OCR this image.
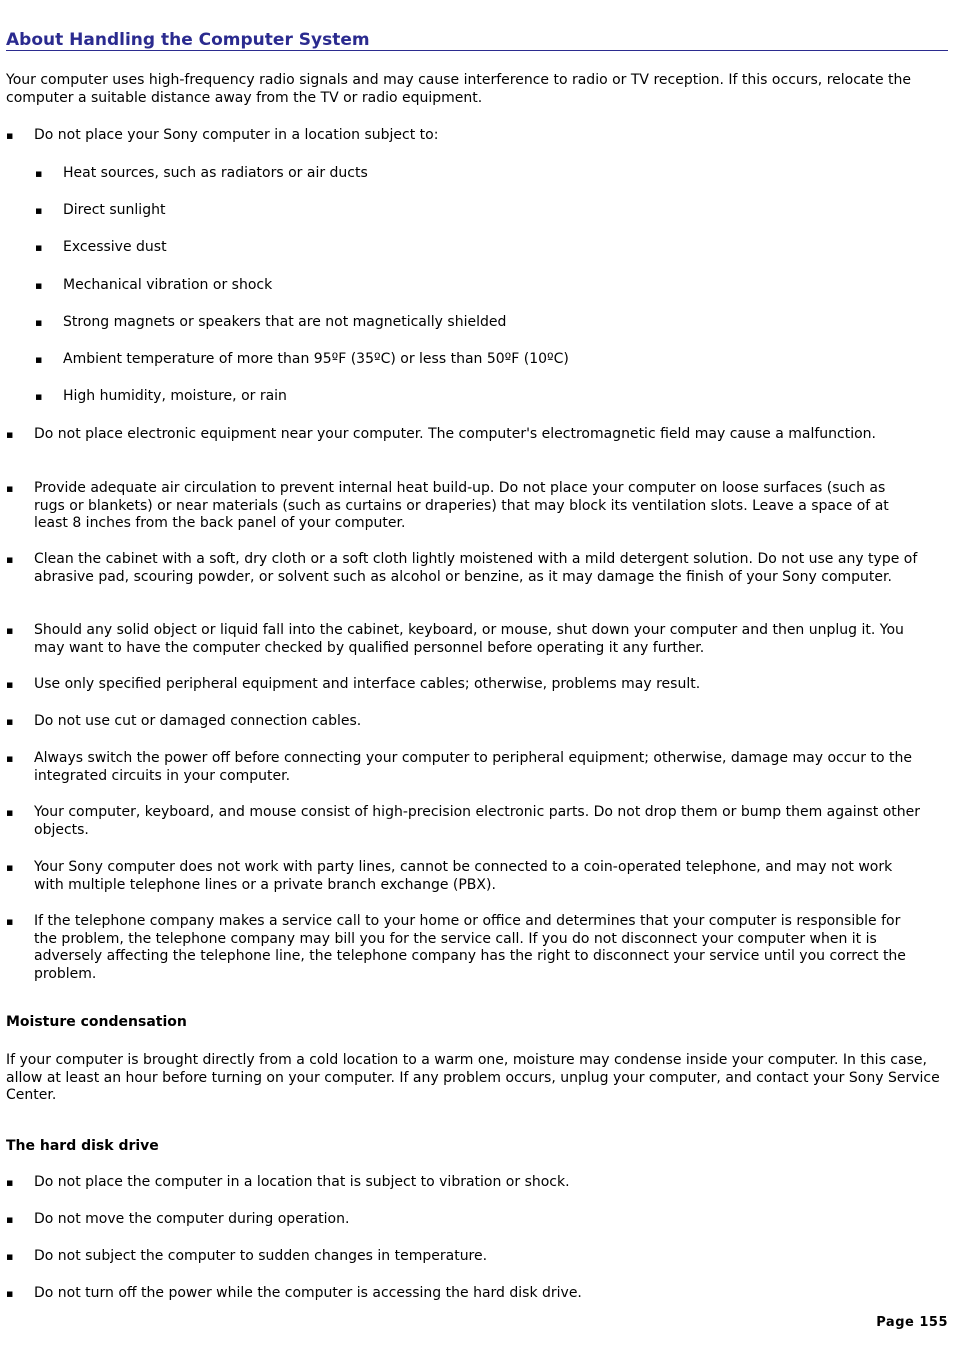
About Handling the Computer System

Your computer uses high-frequency radio signals and may cause interference to radio or TV reception. If this occurs, relocate the computer a suitable distance away from the TV or radio equipment.

▪ Do not place your Sony computer in a location subject to:
▪ Heat sources, such as radiators or air ducts
▪ Direct sunlight
▪ Excessive dust
▪ Mechanical vibration or shock
▪ Strong magnets or speakers that are not magnetically shielded
▪ Ambient temperature of more than 95ºF (35ºC) or less than 50ºF (10ºC)
▪ High humidity, moisture, or rain
▪ Do not place electronic equipment near your computer. The computer's electromagnetic field may cause a malfunction.
▪ Provide adequate air circulation to prevent internal heat build-up. Do not place your computer on loose surfaces (such as rugs or blankets) or near materials (such as curtains or draperies) that may block its ventilation slots. Leave a space of at least 8 inches from the back panel of your computer.
▪ Clean the cabinet with a soft, dry cloth or a soft cloth lightly moistened with a mild detergent solution. Do not use any type of abrasive pad, scouring powder, or solvent such as alcohol or benzine, as it may damage the finish of your Sony computer.
▪ Should any solid object or liquid fall into the cabinet, keyboard, or mouse, shut down your computer and then unplug it. You may want to have the computer checked by qualified personnel before operating it any further.
▪ Use only specified peripheral equipment and interface cables; otherwise, problems may result.
▪ Do not use cut or damaged connection cables.
▪ Always switch the power off before connecting your computer to peripheral equipment; otherwise, damage may occur to the integrated circuits in your computer.
▪ Your computer, keyboard, and mouse consist of high-precision electronic parts. Do not drop them or bump them against other objects.
▪ Your Sony computer does not work with party lines, cannot be connected to a coin-operated telephone, and may not work with multiple telephone lines or a private branch exchange (PBX).
▪ If the telephone company makes a service call to your home or office and determines that your computer is responsible for the problem, the telephone company may bill you for the service call. If you do not disconnect your computer when it is adversely affecting the telephone line, the telephone company has the right to disconnect your service until you correct the problem.
Moisture condensation

If your computer is brought directly from a cold location to a warm one, moisture may condense inside your computer. In this case, allow at least an hour before turning on your computer. If any problem occurs, unplug your computer, and contact your Sony Service Center.

The hard disk drive
▪ Do not place the computer in a location that is subject to vibration or shock.
▪ Do not move the computer during operation.
▪ Do not subject the computer to sudden changes in temperature.
▪ Do not turn off the power while the computer is accessing the hard disk drive.
Page 155
